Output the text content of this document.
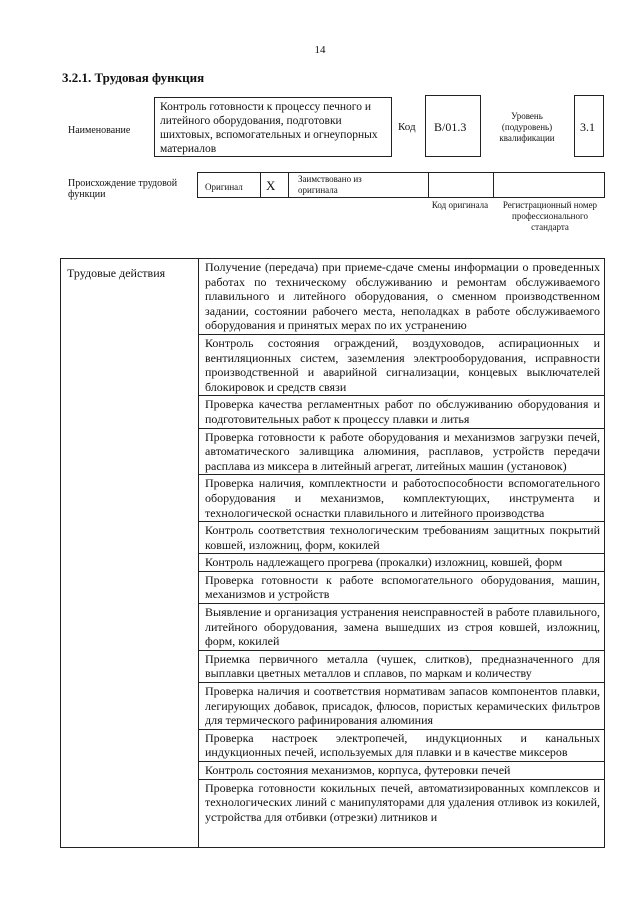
14
3.2.1. Трудовая функция
Наименование
Контроль готовности к процессу печного и литейного оборудования, подготовки шихтовых, вспомогательных и огнеупорных материалов
Код B/01.3
Уровень (подуровень) квалификации
3.1
Происхождение трудовой функции
Оригинал X	Заимствовано из оригинала
Код оригинала	Регистрационный номер профессионального стандарта
Трудовые действия	Получение (передача) при приеме-сдаче смены информации о проведенных работах по техническому обслуживанию и ремонтам обслуживаемого плавильного и литейного оборудования, о сменном производственном задании, состоянии рабочего места, неполадках в работе обслуживаемого оборудования и принятых мерах по их устранению
Контроль состояния ограждений, воздуховодов, аспирационных и вентиляционных систем, заземления электрооборудования, исправности производственной и аварийной сигнализации, концевых выключателей блокировок и средств связи
Проверка качества регламентных работ по обслуживанию оборудования и подготовительных работ к процессу плавки и литья
Проверка готовности к работе оборудования и механизмов загрузки печей, автоматического заливщика алюминия, расплавов, устройств передачи расплава из миксера в литейный агрегат, литейных машин (установок)
Проверка наличия, комплектности и работоспособности вспомогательного оборудования и механизмов, комплектующих, инструмента и технологической оснастки плавильного и литейного производства
Контроль соответствия технологическим требованиям защитных покрытий ковшей, изложниц, форм, кокилей
Контроль надлежащего прогрева (прокалки) изложниц, ковшей, форм
Проверка готовности к работе вспомогательного оборудования, машин, механизмов и устройств
Выявление и организация устранения неисправностей в работе плавильного, литейного оборудования, замена вышедших из строя ковшей, изложниц, форм, кокилей
Приемка первичного металла (чушек, слитков), предназначенного для выплавки цветных металлов и сплавов, по маркам и количеству
Проверка наличия и соответствия нормативам запасов компонентов плавки, легирующих добавок, присадок, флюсов, пористых керамических фильтров для термического рафинирования алюминия
Проверка настроек электропечей, индукционных и канальных индукционных печей, используемых для плавки и в качестве миксеров
Контроль состояния механизмов, корпуса, футеровки печей
Проверка готовности кокильных печей, автоматизированных комплексов и технологических линий с манипуляторами для удаления отливок из кокилей, устройства для отбивки (отрезки) литников и
